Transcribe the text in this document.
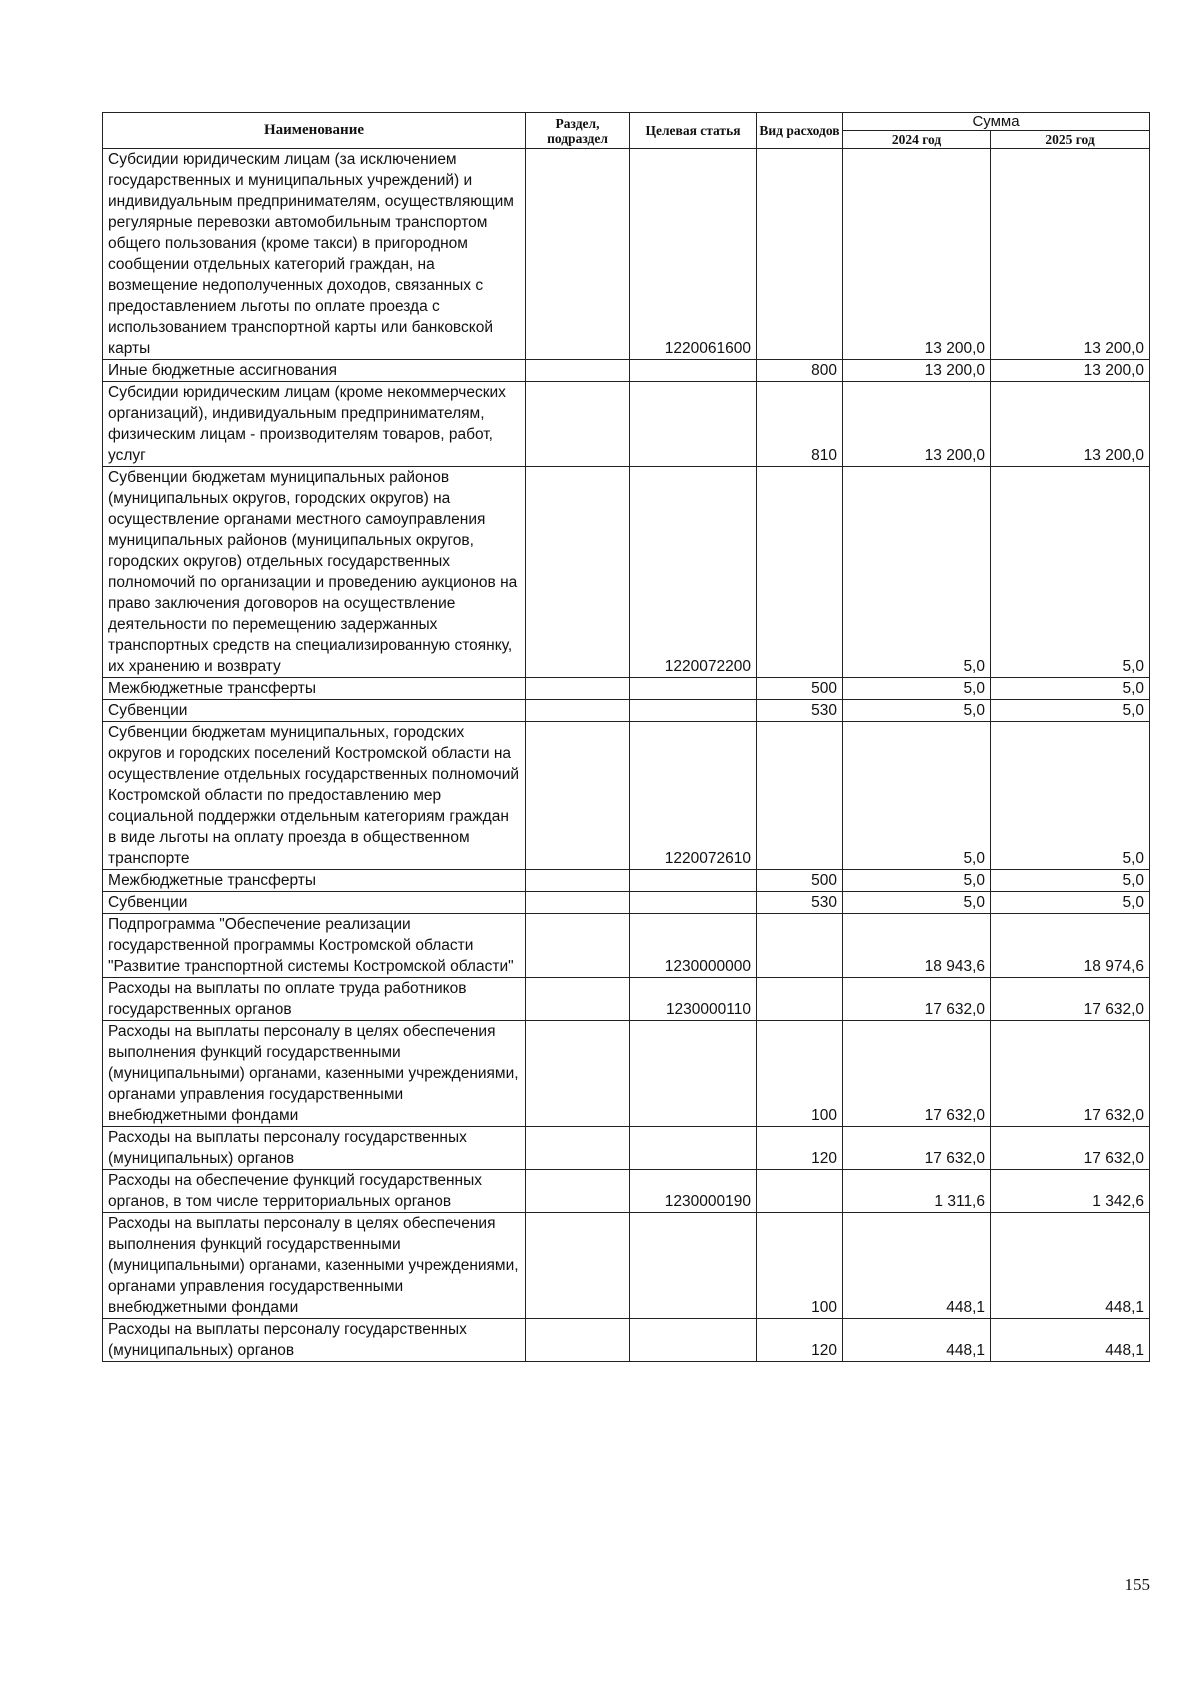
Наименование	Раздел, подраздел	Целевая статья	Вид расходов	Сумма	
				2024 год	2025 год
Субсидии юридическим лицам (за исключением государственных и муниципальных учреждений) и индивидуальным предпринимателям, осуществляющим регулярные перевозки автомобильным транспортом общего пользования (кроме такси) в пригородном сообщении отдельных категорий граждан, на возмещение недополученных доходов, связанных с предоставлением льготы по оплате проезда с использованием транспортной карты или банковской карты		1220061600		13 200,0	13 200,0
Иные бюджетные ассигнования			800	13 200,0	13 200,0
Субсидии юридическим лицам (кроме некоммерческих организаций), индивидуальным предпринимателям, физическим лицам - производителям товаров, работ, услуг			810	13 200,0	13 200,0
Субвенции бюджетам муниципальных районов (муниципальных округов, городских округов) на осуществление органами местного самоуправления муниципальных районов (муниципальных округов, городских округов) отдельных государственных полномочий по организации и проведению аукционов на право заключения договоров на осуществление деятельности по перемещению задержанных транспортных средств на специализированную стоянку, их хранению и возврату		1220072200		5,0	5,0
Межбюджетные трансферты			500	5,0	5,0
Субвенции			530	5,0	5,0
Субвенции бюджетам муниципальных, городских округов и городских поселений Костромской области на осуществление отдельных государственных полномочий Костромской области по предоставлению мер социальной поддержки отдельным категориям граждан в виде льготы на оплату проезда в общественном транспорте		1220072610		5,0	5,0
Межбюджетные трансферты			500	5,0	5,0
Субвенции			530	5,0	5,0
Подпрограмма "Обеспечение реализации государственной программы Костромской области "Развитие транспортной системы Костромской области"		1230000000		18 943,6	18 974,6
Расходы на выплаты по оплате труда работников государственных органов		1230000110		17 632,0	17 632,0
Расходы на выплаты персоналу в целях обеспечения выполнения функций государственными (муниципальными) органами, казенными учреждениями, органами управления государственными внебюджетными фондами			100	17 632,0	17 632,0
Расходы на выплаты персоналу государственных (муниципальных) органов			120	17 632,0	17 632,0
Расходы на обеспечение функций государственных органов, в том числе территориальных органов		1230000190		1 311,6	1 342,6
Расходы на выплаты персоналу в целях обеспечения выполнения функций государственными (муниципальными) органами, казенными учреждениями, органами управления государственными внебюджетными фондами			100	448,1	448,1
Расходы на выплаты персоналу государственных (муниципальных) органов			120	448,1	448,1
155
